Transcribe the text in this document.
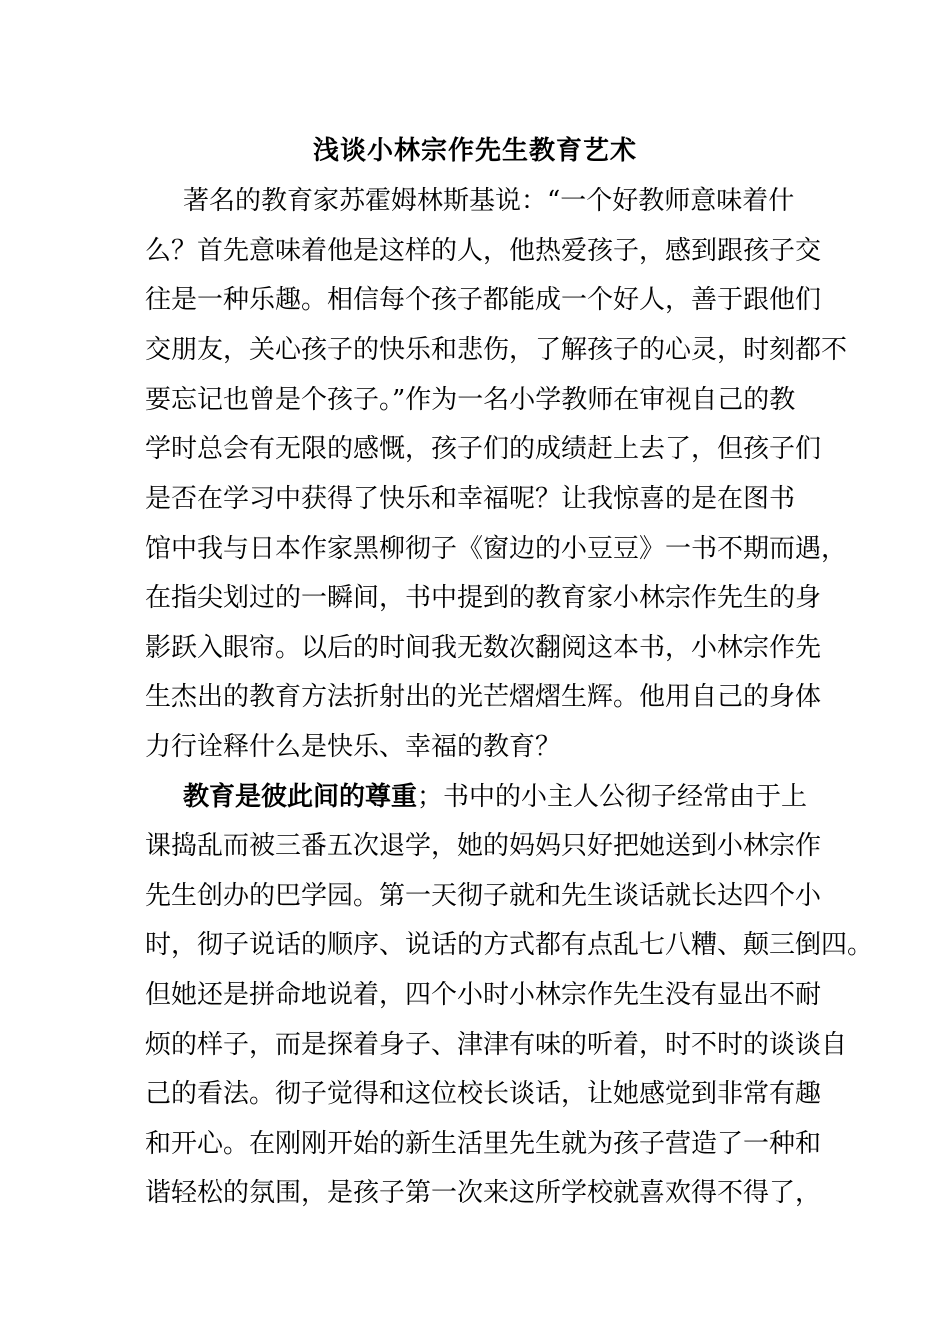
浅谈小林宗作先生教育艺术
著名的教育家苏霍姆林斯基说：“一个好教师意味着什
么？首先意味着他是这样的人，他热爱孩子，感到跟孩子交
往是一种乐趣。相信每个孩子都能成一个好人，善于跟他们
交朋友，关心孩子的快乐和悲伤，了解孩子的心灵，时刻都不
要忘记也曾是个孩子。”作为一名小学教师在审视自己的教
学时总会有无限的感慨，孩子们的成绩赶上去了，但孩子们
是否在学习中获得了快乐和幸福呢？让我惊喜的是在图书
馆中我与日本作家黑柳彻子《窗边的小豆豆》一书不期而遇，
在指尖划过的一瞬间，书中提到的教育家小林宗作先生的身
影跃入眼帘。以后的时间我无数次翻阅这本书，小林宗作先
生杰出的教育方法折射出的光芒熠熠生辉。他用自己的身体
力行诠释什么是快乐、幸福的教育？
教育是彼此间的尊重；书中的小主人公彻子经常由于上
课捣乱而被三番五次退学，她的妈妈只好把她送到小林宗作
先生创办的巴学园。第一天彻子就和先生谈话就长达四个小
时，彻子说话的顺序、说话的方式都有点乱七八糟、颠三倒四。
但她还是拼命地说着，四个小时小林宗作先生没有显出不耐
烦的样子，而是探着身子、津津有味的听着，时不时的谈谈自
己的看法。彻子觉得和这位校长谈话，让她感觉到非常有趣
和开心。在刚刚开始的新生活里先生就为孩子营造了一种和
谐轻松的氛围，是孩子第一次来这所学校就喜欢得不得了，
